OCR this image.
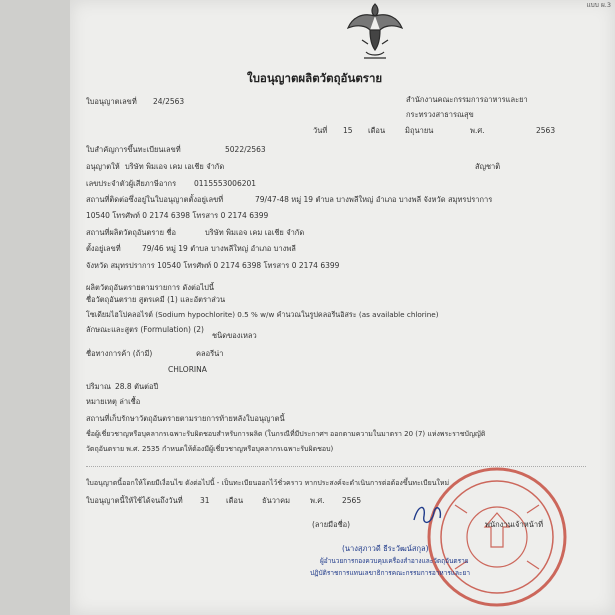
แบบ ผ.3
ใบอนุญาตผลิตวัตถุอันตราย
ใบอนุญาตเลขที่ 24/2563	สำนักงานคณะกรรมการอาหารและยา
กระทรวงสาธารณสุข
วันที่ 15 เดือน	มิถุนายน	พ.ศ.	2563
ใบสำคัญการขึ้นทะเบียนเลขที่	5022/2563
อนุญาตให้ บริษัท พิมเอจ เคม เอเชีย จำกัด	สัญชาติ
เลขประจำตัวผู้เสียภาษีอากร 0115553006201
สถานที่ติดต่อซึ่งอยู่ในใบอนุญาตตั้งอยู่เลขที่	79/47-48 หมู่ 19 ตำบล บางพลีใหญ่ อำเภอ บางพลี จังหวัด สมุทรปราการ
10540 โทรศัพท์ 0 2174 6398 โทรสาร 0 2174 6399
สถานที่ผลิตวัตถุอันตราย ชื่อ	บริษัท พิมเอจ เคม เอเชีย จำกัด
ตั้งอยู่เลขที่	79/46 หมู่ 19 ตำบล บางพลีใหญ่ อำเภอ บางพลี
จังหวัด สมุทรปราการ 10540 โทรศัพท์ 0 2174 6398 โทรสาร 0 2174 6399
ผลิตวัตถุอันตรายตามรายการ ดังต่อไปนี้
ชื่อวัตถุอันตราย สูตรเคมี (1) และอัตราส่วน
โซเดียมไฮโปคลอไรต์ (Sodium hypochlorite) 0.5 % w/w คำนวณในรูปคลอรีนอิสระ (as available chlorine)
ลักษณะและสูตร (Formulation) (2)
ชนิดของเหลว
ชื่อทางการค้า (ถ้ามี)	คลอรีน่า
CHLORINA
ปริมาณ 28.8 ตันต่อปี
หมายเหตุ ล่าเชื้อ
สถานที่เก็บรักษาวัตถุอันตรายตามรายการท้ายหลังใบอนุญาตนี้
ชื่อผู้เชี่ยวชาญหรือบุคลากรเฉพาะรับผิดชอบสำหรับการผลิต (ในกรณีที่มีประกาศฯ ออกตามความในมาตรา 20 (7) แห่งพระราชบัญญัติ
วัตถุอันตราย พ.ศ. 2535 กำหนดให้ต้องมีผู้เชี่ยวชาญหรือบุคลากรเฉพาะรับผิดชอบ)
ใบอนุญาตนี้ออกให้โดยมีเงื่อนไข ดังต่อไปนี้ - เป็นทะเบียนออกไว้ชั่วคราว หากประสงค์จะดำเนินการต่อต้องขึ้นทะเบียนใหม่
ใบอนุญาตนี้ให้ใช้ได้จนถึงวันที่ 31 เดือน	ธันวาคม	พ.ศ. 2565
(ลายมือชื่อ)	พนักงานเจ้าหน้าที่
(นางสุภาวดี ธีระวัฒน์สกุล)
ผู้อำนวยการกองควบคุมเครื่องสำอางและวัตถุอันตราย
ปฏิบัติราชการแทนเลขาธิการคณะกรรมการอาหารและยา
